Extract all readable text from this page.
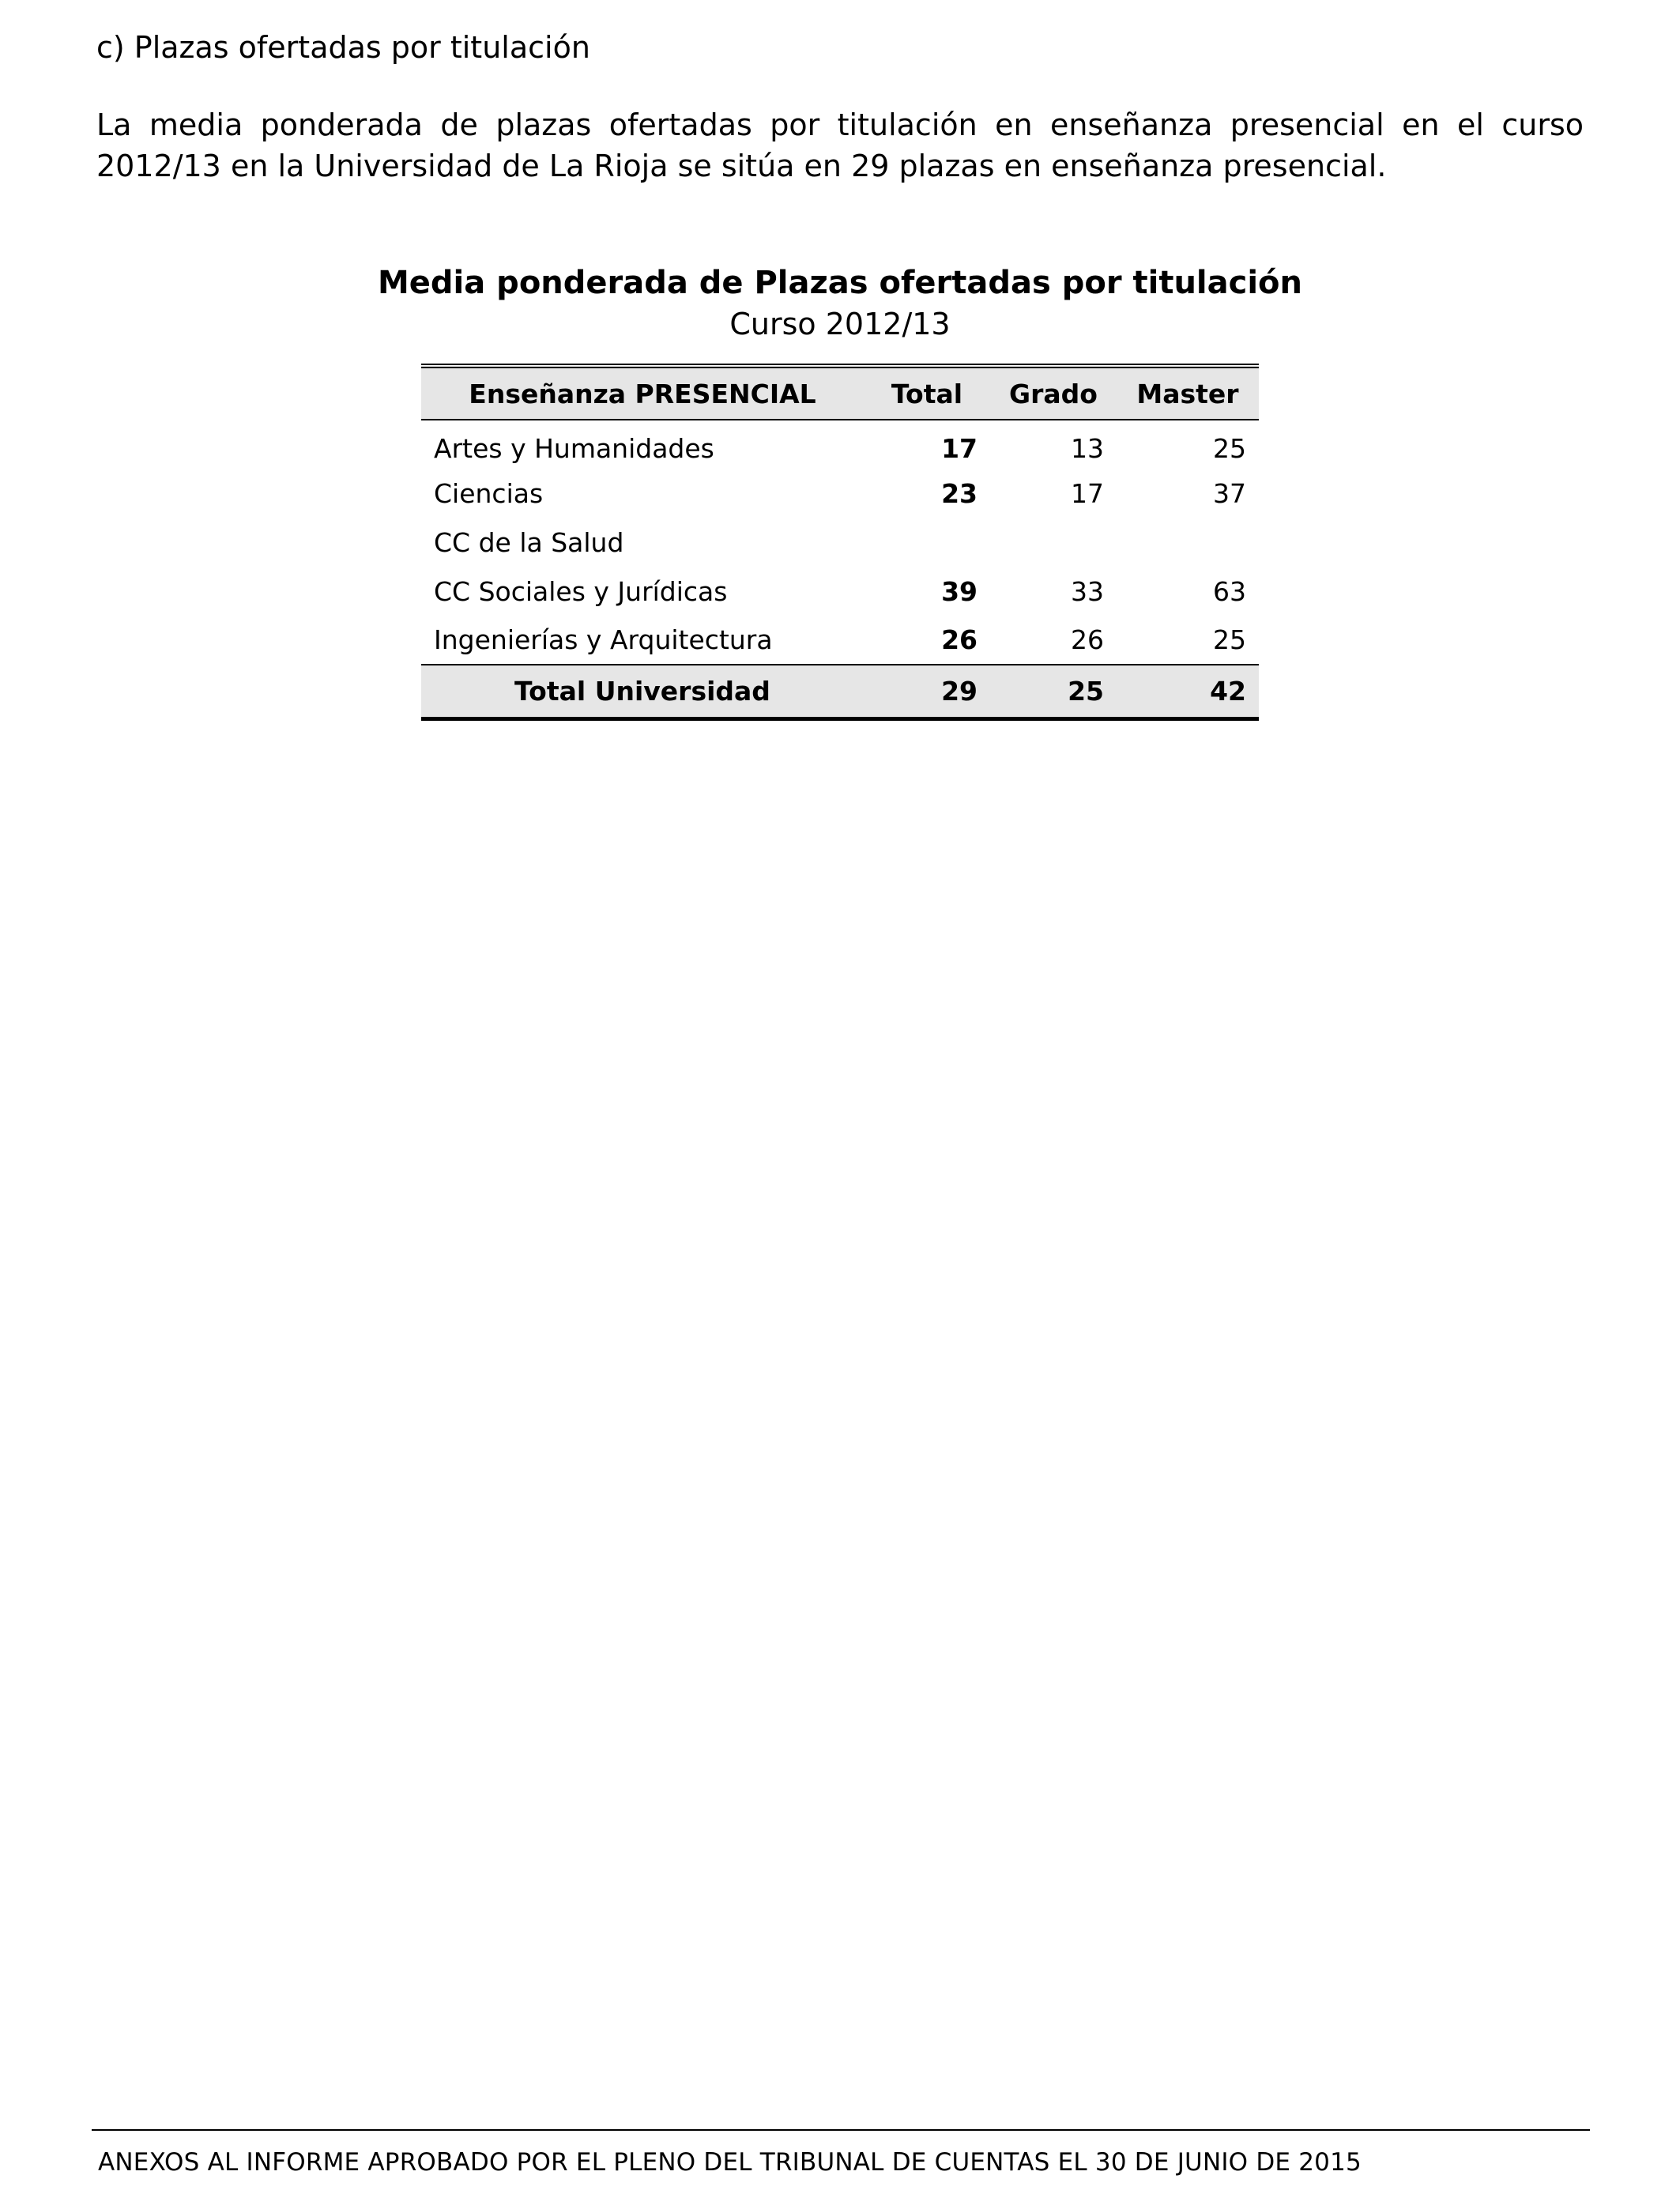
c) Plazas ofertadas por titulación

La media ponderada de plazas ofertadas por titulación en enseñanza presencial en el curso 2012/13 en la Universidad de La Rioja se sitúa en 29 plazas en enseñanza presencial.

Media ponderada de Plazas ofertadas por titulación
Curso 2012/13
Enseñanza PRESENCIAL	Total	Grado	Master
Artes y Humanidades	17	13	25
Ciencias	23	17	37
CC de la Salud			
CC Sociales y Jurídicas	39	33	63
Ingenierías y Arquitectura	26	26	25
Total Universidad	29	25	42
ANEXOS AL INFORME APROBADO POR EL PLENO DEL TRIBUNAL DE CUENTAS EL 30 DE JUNIO DE 2015
